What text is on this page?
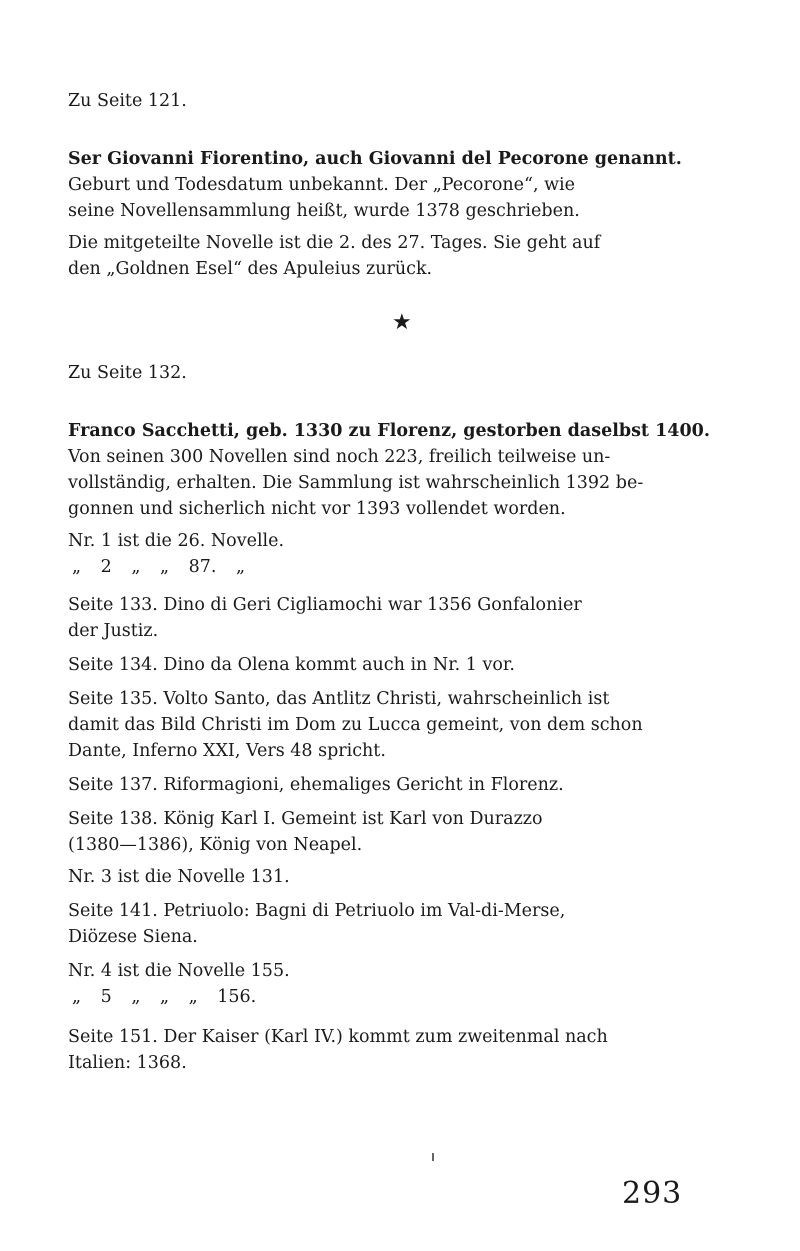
Zu Seite 121.
Ser Giovanni Fiorentino, auch Giovanni del Pecorone genannt.
Geburt und Todesdatum unbekannt. Der „Pecorone“, wie
seine Novellensammlung heißt, wurde 1378 geschrieben.
Die mitgeteilte Novelle ist die 2. des 27. Tages. Sie geht auf
den „Goldnen Esel“ des Apuleius zurück.
★
Zu Seite 132.
Franco Sacchetti, geb. 1330 zu Florenz, gestorben daselbst 1400.
Von seinen 300 Novellen sind noch 223, freilich teilweise un-
vollständig, erhalten. Die Sammlung ist wahrscheinlich 1392 be-
gonnen und sicherlich nicht vor 1393 vollendet worden.
Nr. 1 ist die 26. Novelle.
„ 2 „ „ 87. „
Seite 133. Dino di Geri Cigliamochi war 1356 Gonfalonier
der Justiz.
Seite 134. Dino da Olena kommt auch in Nr. 1 vor.
Seite 135. Volto Santo, das Antlitz Christi, wahrscheinlich ist
damit das Bild Christi im Dom zu Lucca gemeint, von dem schon
Dante, Inferno XXI, Vers 48 spricht.
Seite 137. Riformagioni, ehemaliges Gericht in Florenz.
Seite 138. König Karl I. Gemeint ist Karl von Durazzo
(1380—1386), König von Neapel.
Nr. 3 ist die Novelle 131.
Seite 141. Petriuolo: Bagni di Petriuolo im Val-di-Merse,
Diözese Siena.
Nr. 4 ist die Novelle 155.
„ 5 „ „ „ 156.
Seite 151. Der Kaiser (Karl IV.) kommt zum zweitenmal nach
Italien: 1368.
293
